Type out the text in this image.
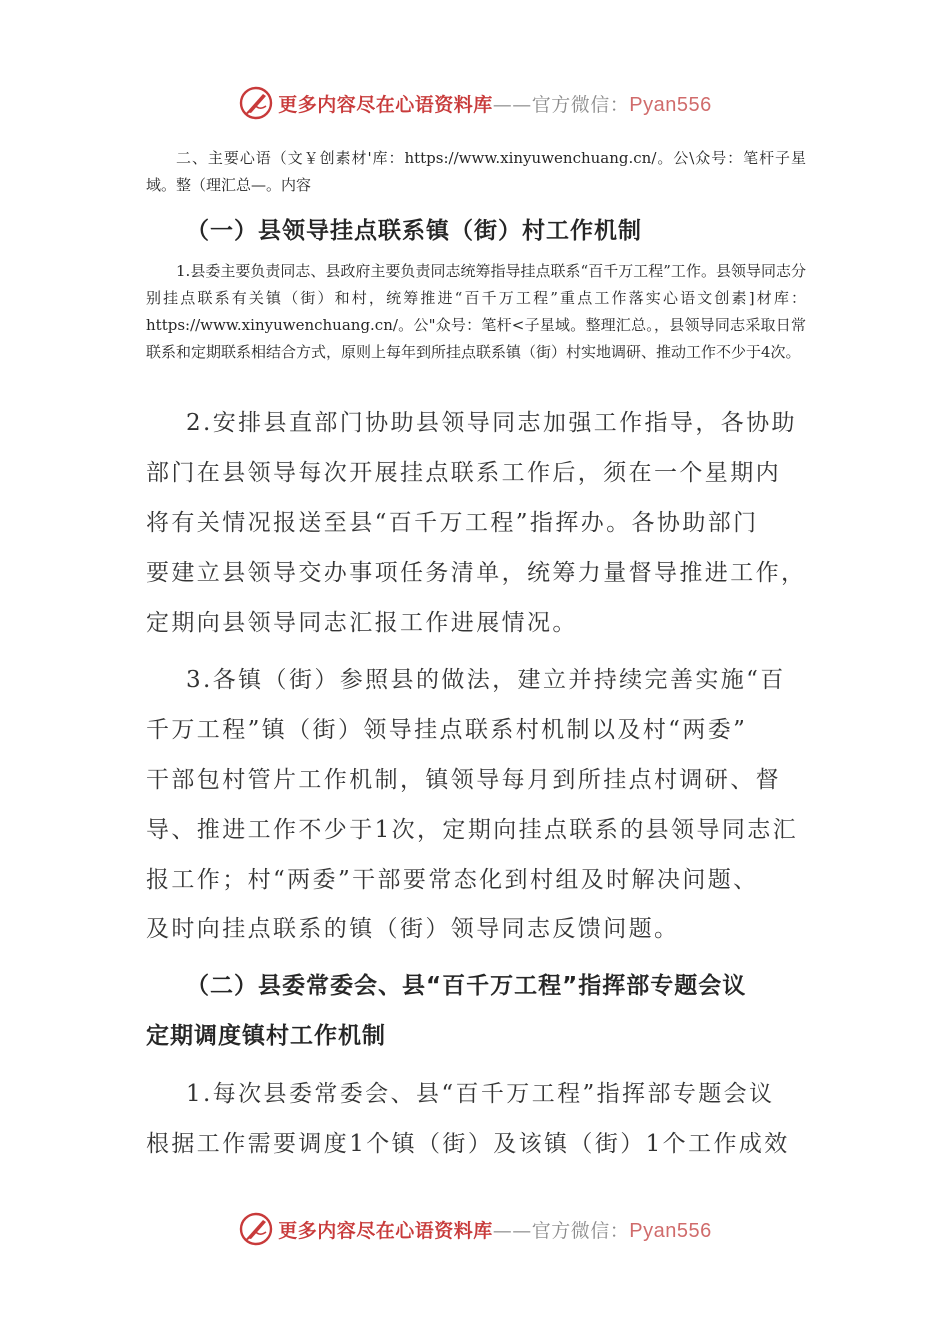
更多内容尽在心语资料库——官方微信：Pyan556

二、主要心语（文￥创素材'库：https://www.xinyuwenchuang.cn/。公\众号：笔杆子星域。整（理汇总—。内容

（一）县领导挂点联系镇（街）村工作机制

1.县委主要负责同志、县政府主要负责同志统筹指导挂点联系“百千万工程”工作。县领导同志分别挂点联系有关镇（街）和村，统筹推进“百千万工程”重点工作落实心语文创素]材库：https://www.xinyuwenchuang.cn/。公"众号：笔杆<子星域。整理汇总。，县领导同志采取日常联系和定期联系相结合方式，原则上每年到所挂点联系镇（街）村实地调研、推动工作不少于4次。

2.安排县直部门协助县领导同志加强工作指导，各协助
部门在县领导每次开展挂点联系工作后，须在一个星期内
将有关情况报送至县“百千万工程”指挥办。各协助部门
要建立县领导交办事项任务清单，统筹力量督导推进工作，
定期向县领导同志汇报工作进展情况。
3.各镇（街）参照县的做法，建立并持续完善实施“百
千万工程”镇（街）领导挂点联系村机制以及村“两委”
干部包村管片工作机制，镇领导每月到所挂点村调研、督
导、推进工作不少于1次，定期向挂点联系的县领导同志汇
报工作；村“两委”干部要常态化到村组及时解决问题、
及时向挂点联系的镇（街）领导同志反馈问题。
（二）县委常委会、县“百千万工程”指挥部专题会议
定期调度镇村工作机制
1.每次县委常委会、县“百千万工程”指挥部专题会议
根据工作需要调度1个镇（街）及该镇（街）1个工作成效
更多内容尽在心语资料库——官方微信：Pyan556
